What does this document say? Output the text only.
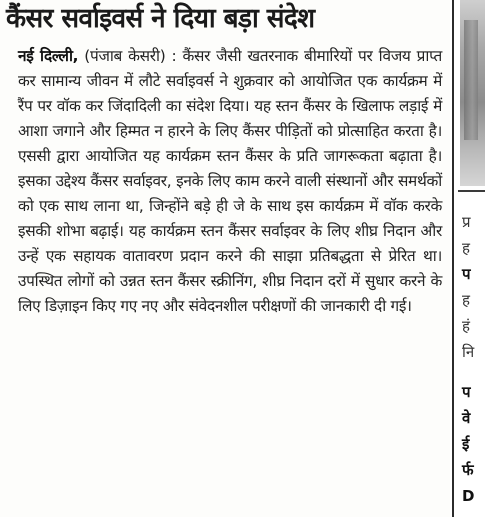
कैंसर सर्वाइवर्स ने दिया बड़ा संदेश

नई दिल्ली, (पंजाब केसरी) : कैंसर जैसी खतरनाक बीमारियों पर विजय प्राप्त कर सामान्य जीवन में लौटे सर्वाइवर्स ने शुक्रवार को आयोजित एक कार्यक्रम में रैंप पर वॉक कर जिंदादिली का संदेश दिया। यह स्तन कैंसर के खिलाफ लड़ाई में आशा जगाने और हिम्मत न हारने के लिए कैंसर पीड़ितों को प्रोत्साहित करता है। एससी द्वारा आयोजित यह कार्यक्रम स्तन कैंसर के प्रति जागरूकता बढ़ाता है। इसका उद्देश्य कैंसर सर्वाइवर, इनके लिए काम करने वाली संस्थानों और समर्थकों को एक साथ लाना था, जिन्होंने बड़े ही जे के साथ इस कार्यक्रम में वॉक करके इसकी शोभा बढ़ाई। यह कार्यक्रम स्तन कैंसर सर्वाइवर के लिए शीघ्र निदान और उन्हें एक सहायक वातावरण प्रदान करने की साझा प्रतिबद्धता से प्रेरित था। उपस्थित लोगों को उन्नत स्तन कैंसर स्क्रीनिंग, शीघ्र निदान दरों में सुधार करने के लिए डिज़ाइन किए गए नए और संवेदनशील परीक्षणों की जानकारी दी गई।

प्र
ह
प
ह
हं
नि
प
वे
ई
र्फ
D
